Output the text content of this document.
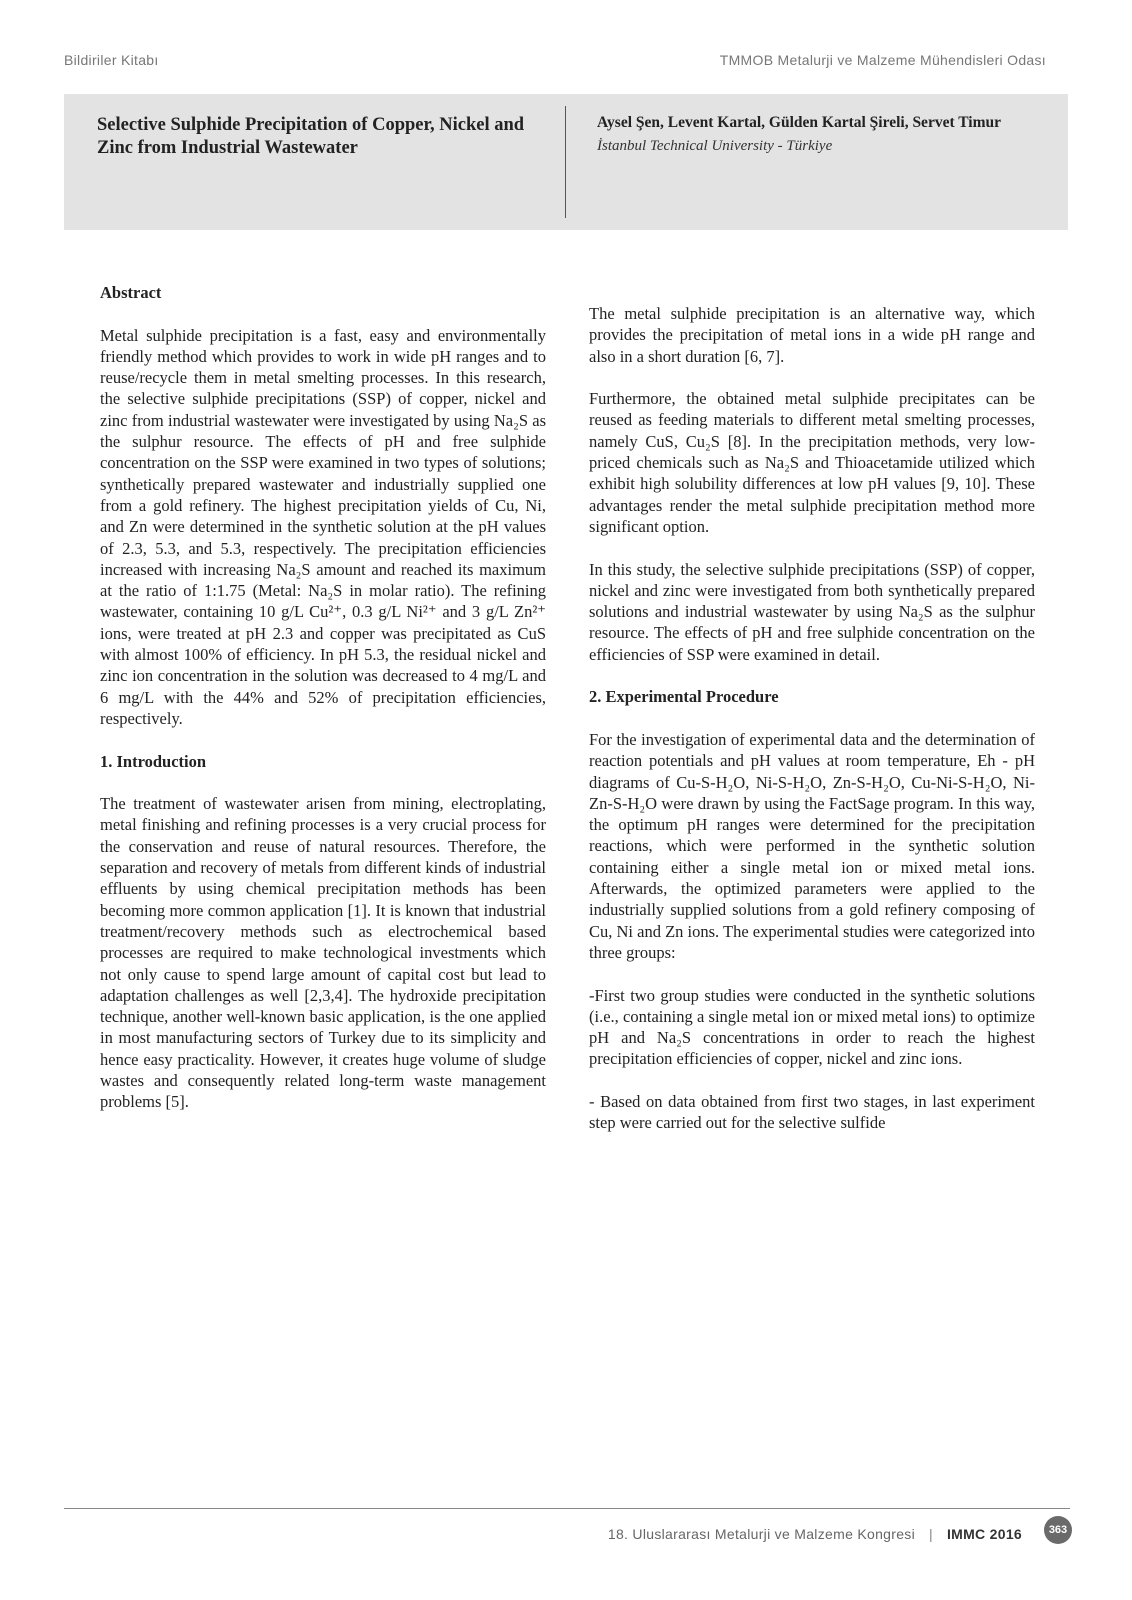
Bildiriler Kitabı	TMMOB Metalurji ve Malzeme Mühendisleri Odası
Selective Sulphide Precipitation of Copper, Nickel and Zinc from Industrial Wastewater
Aysel Şen, Levent Kartal, Gülden Kartal Şireli, Servet Timur
İstanbul Technical University - Türkiye
Abstract

Metal sulphide precipitation is a fast, easy and environmentally friendly method which provides to work in wide pH ranges and to reuse/recycle them in metal smelting processes. In this research, the selective sulphide precipitations (SSP) of copper, nickel and zinc from industrial wastewater were investigated by using Na₂S as the sulphur resource. The effects of pH and free sulphide concentration on the SSP were examined in two types of solutions; synthetically prepared wastewater and industrially supplied one from a gold refinery. The highest precipitation yields of Cu, Ni, and Zn were determined in the synthetic solution at the pH values of 2.3, 5.3, and 5.3, respectively. The precipitation efficiencies increased with increasing Na₂S amount and reached its maximum at the ratio of 1:1.75 (Metal: Na₂S in molar ratio). The refining wastewater, containing 10 g/L Cu²⁺, 0.3 g/L Ni²⁺ and 3 g/L Zn²⁺ ions, were treated at pH 2.3 and copper was precipitated as CuS with almost 100% of efficiency. In pH 5.3, the residual nickel and zinc ion concentration in the solution was decreased to 4 mg/L and 6 mg/L with the 44% and 52% of precipitation efficiencies, respectively.

1. Introduction

The treatment of wastewater arisen from mining, electroplating, metal finishing and refining processes is a very crucial process for the conservation and reuse of natural resources. Therefore, the separation and recovery of metals from different kinds of industrial effluents by using chemical precipitation methods has been becoming more common application [1]. It is known that industrial treatment/recovery methods such as electrochemical based processes are required to make technological investments which not only cause to spend large amount of capital cost but lead to adaptation challenges as well [2,3,4]. The hydroxide precipitation technique, another well-known basic application, is the one applied in most manufacturing sectors of Turkey due to its simplicity and hence easy practicality. However, it creates huge volume of sludge wastes and consequently related long-term waste management problems [5].

The metal sulphide precipitation is an alternative way, which provides the precipitation of metal ions in a wide pH range and also in a short duration [6, 7].

Furthermore, the obtained metal sulphide precipitates can be reused as feeding materials to different metal smelting processes, namely CuS, Cu₂S [8]. In the precipitation methods, very low-priced chemicals such as Na₂S and Thioacetamide utilized which exhibit high solubility differences at low pH values [9, 10]. These advantages render the metal sulphide precipitation method more significant option.

In this study, the selective sulphide precipitations (SSP) of copper, nickel and zinc were investigated from both synthetically prepared solutions and industrial wastewater by using Na₂S as the sulphur resource. The effects of pH and free sulphide concentration on the efficiencies of SSP were examined in detail.

2. Experimental Procedure

For the investigation of experimental data and the determination of reaction potentials and pH values at room temperature, Eh - pH diagrams of Cu-S-H₂O, Ni-S-H₂O, Zn-S-H₂O, Cu-Ni-S-H₂O, Ni-Zn-S-H₂O were drawn by using the FactSage program. In this way, the optimum pH ranges were determined for the precipitation reactions, which were performed in the synthetic solution containing either a single metal ion or mixed metal ions. Afterwards, the optimized parameters were applied to the industrially supplied solutions from a gold refinery composing of Cu, Ni and Zn ions. The experimental studies were categorized into three groups:

-First two group studies were conducted in the synthetic solutions (i.e., containing a single metal ion or mixed metal ions) to optimize pH and Na₂S concentrations in order to reach the highest precipitation efficiencies of copper, nickel and zinc ions.

- Based on data obtained from first two stages, in last experiment step were carried out for the selective sulfide

18. Uluslararası Metalurji ve Malzeme Kongresi | IMMC 2016	363
